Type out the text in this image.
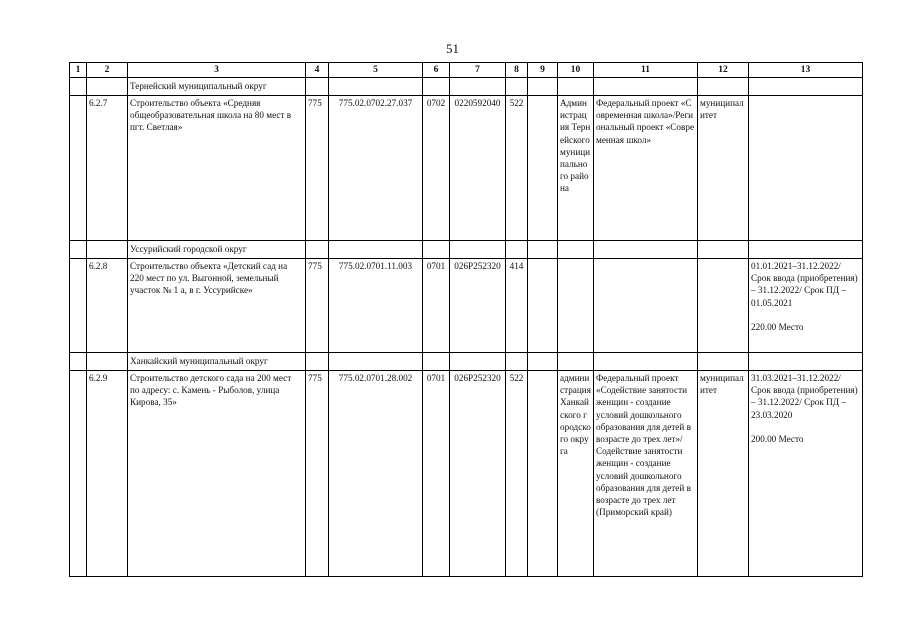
51
1	2	3	4	5	6	7	8	9	10	11	12	13
		Тернейский муниципальный округ										
	6.2.7	Строительство объекта «Средняя общеобразовательная школа на 80 мест в пгт. Светлая»	775	775.02.0702.27.037	0702	0220592040	522		Администрация Тернейского муниципального района	Федеральный проект «Современная школа»/Региональный проект «Современная школ»	муниципалитет	
		Уссурийский городской округ										
	6.2.8	Строительство объекта «Детский сад на 220 мест по ул. Выгонной, земельный участок № 1 а, в г. Уссурийске»	775	775.02.0701.11.003	0701	026P252320	414					01.01.2021–31.12.2022/ Срок ввода (приобретения) – 31.12.2022/ Срок ПД – 01.05.2021
220.00 Место
		Ханкайский муниципальный округ										
	6.2.9	Строительство детского сада на 200 мест по адресу: с. Камень - Рыболов, улица Кирова, 35»	775	775.02.0701.28.002	0701	026P252320	522		администрация Ханкайского городского округа	Федеральный проект «Содействие занятости женщин - создание условий дошкольного образования для детей в возрасте до трех лет»/Содействие занятости женщин - создание условий дошкольного образования для детей в возрасте до трех лет (Приморский край)	муниципалитет	31.03.2021–31.12.2022/ Срок ввода (приобретения) – 31.12.2022/ Срок ПД – 23.03.2020
200.00 Место
